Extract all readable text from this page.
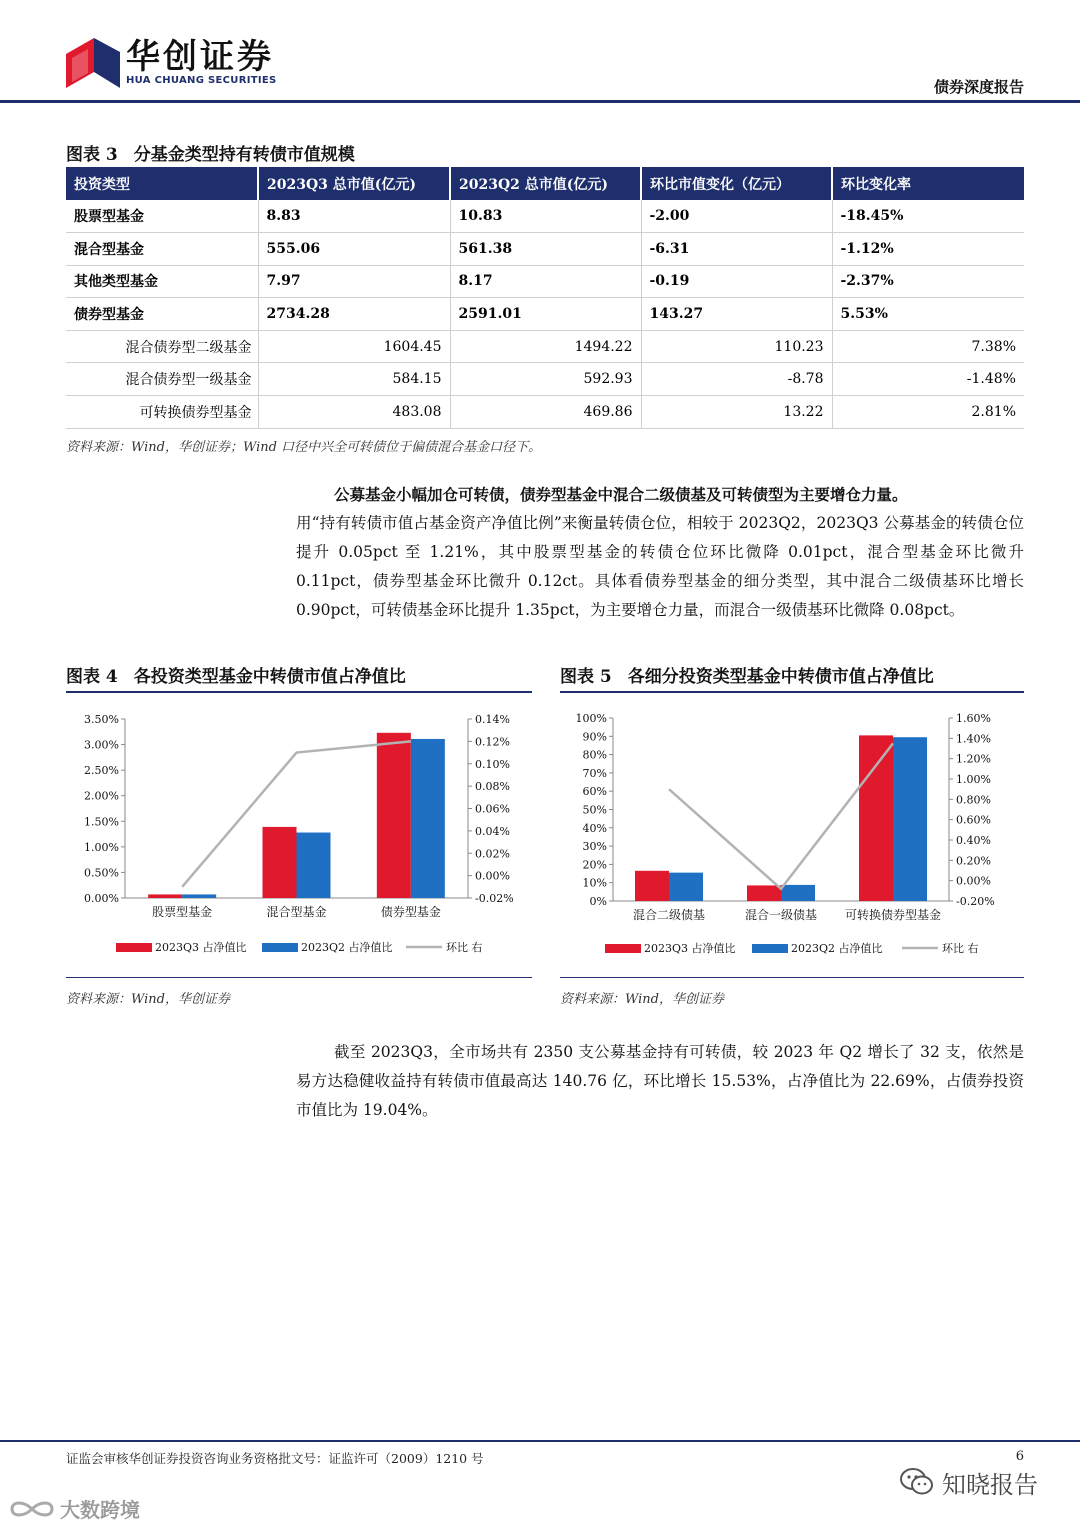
华创证券
HUA CHUANG SECURITIES	债券深度报告
图表 3 分基金类型持有转债市值规模
投资类型	2023Q3 总市值(亿元)	2023Q2 总市值(亿元)	环比市值变化（亿元）	环比变化率
股票型基金	8.83	10.83	-2.00	-18.45%
混合型基金	555.06	561.38	-6.31	-1.12%
其他类型基金	7.97	8.17	-0.19	-2.37%
债券型基金	2734.28	2591.01	143.27	5.53%
混合债券型二级基金	1604.45	1494.22	110.23	7.38%
混合债券型一级基金	584.15	592.93	-8.78	-1.48%
可转换债券型基金	483.08	469.86	13.22	2.81%
资料来源：Wind，华创证券；Wind 口径中兴全可转债位于偏债混合基金口径下。
公募基金小幅加仓可转债，债券型基金中混合二级债基及可转债型为主要增仓力量。
用“持有转债市值占基金资产净值比例”来衡量转债仓位，相较于 2023Q2，2023Q3 公募基金的转债仓位提升 0.05pct 至 1.21%，其中股票型基金的转债仓位环比微降 0.01pct，混合型基金环比微升 0.11pct，债券型基金环比微升 0.12ct。具体看债券型基金的细分类型，其中混合二级债基环比增长 0.90pct，可转债基金环比提升 1.35pct，为主要增仓力量，而混合一级债基环比微降 0.08pct。
图表 4 各投资类型基金中转债市值占净值比
0.00%
0.50%
1.00%
1.50%
2.00%
2.50%
3.00%
3.50%
-0.02%
0.00%
0.02%
0.04%
0.06%
0.08%
0.10%
0.12%
0.14%
股票型基金	混合型基金	债券型基金
2023Q3 占净值比	2023Q2 占净值比	环比 右
资料来源：Wind，华创证券
图表 5 各细分投资类型基金中转债市值占净值比
0%
10%
20%
30%
40%
50%
60%
70%
80%
90%
100%
-0.20%
0.00%
0.20%
0.40%
0.60%
0.80%
1.00%
1.20%
1.40%
1.60%
混合二级债基	混合一级债基 可转换债券型基金
2023Q3 占净值比	2023Q2 占净值比	环比 右
资料来源：Wind，华创证券
截至 2023Q3，全市场共有 2350 支公募基金持有可转债，较 2023 年 Q2 增长了 32 支，依然是易方达稳健收益持有转债市值最高达 140.76 亿，环比增长 15.53%，占净值比为 22.69%，占债券投资市值比为 19.04%。
证监会审核华创证券投资咨询业务资格批文号：证监许可（2009）1210 号	6
知晓报告
大数跨境
